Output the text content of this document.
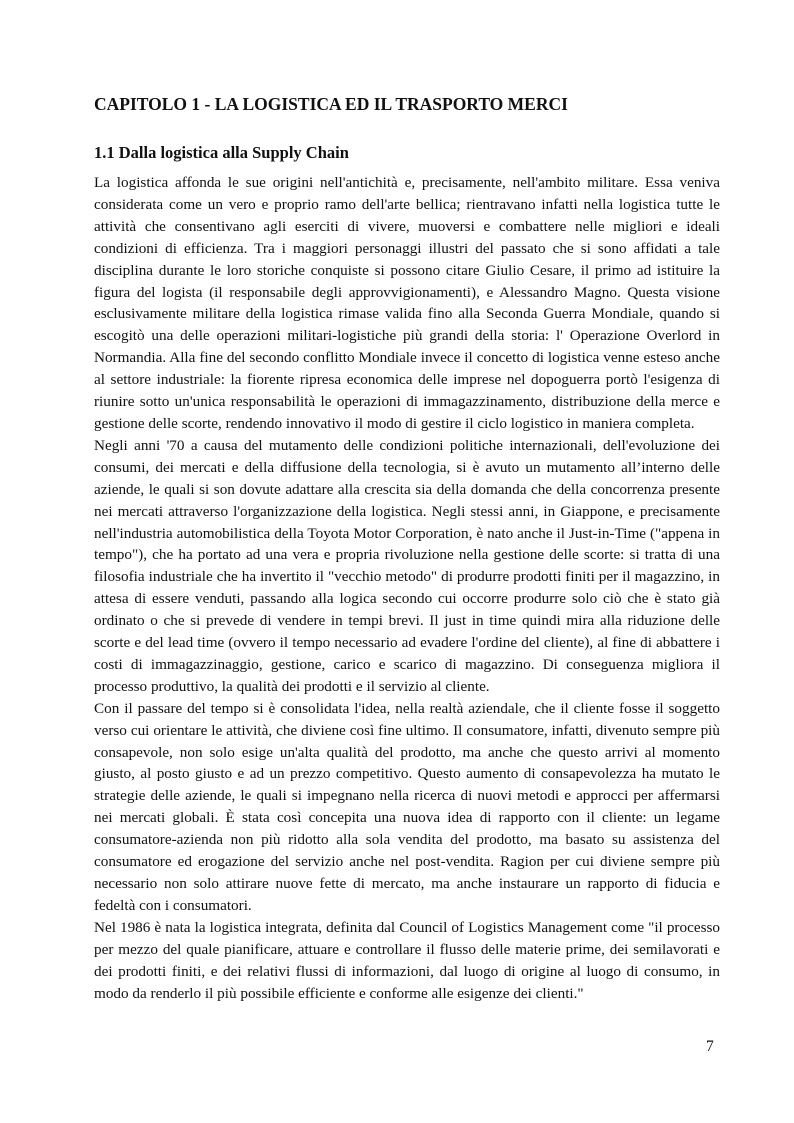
CAPITOLO 1 - LA LOGISTICA ED IL TRASPORTO MERCI
1.1 Dalla logistica alla Supply Chain

La logistica affonda le sue origini nell'antichità e, precisamente, nell'ambito militare. Essa veniva considerata come un vero e proprio ramo dell'arte bellica; rientravano infatti nella logistica tutte le attività che consentivano agli eserciti di vivere, muoversi e combattere nelle migliori e ideali condizioni di efficienza. Tra i maggiori personaggi illustri del passato che si sono affidati a tale disciplina durante le loro storiche conquiste si possono citare Giulio Cesare, il primo ad istituire la figura del logista (il responsabile degli approvvigionamenti), e Alessandro Magno. Questa visione esclusivamente militare della logistica rimase valida fino alla Seconda Guerra Mondiale, quando si escogitò una delle operazioni militari-logistiche più grandi della storia: l' Operazione Overlord in Normandia. Alla fine del secondo conflitto Mondiale invece il concetto di logistica venne esteso anche al settore industriale: la fiorente ripresa economica delle imprese nel dopoguerra portò l'esigenza di riunire sotto un'unica responsabilità le operazioni di immagazzinamento, distribuzione della merce e gestione delle scorte, rendendo innovativo il modo di gestire il ciclo logistico in maniera completa.

Negli anni '70 a causa del mutamento delle condizioni politiche internazionali, dell'evoluzione dei consumi, dei mercati e della diffusione della tecnologia, si è avuto un mutamento all’interno delle aziende, le quali si son dovute adattare alla crescita sia della domanda che della concorrenza presente nei mercati attraverso l'organizzazione della logistica. Negli stessi anni, in Giappone, e precisamente nell'industria automobilistica della Toyota Motor Corporation, è nato anche il Just-in-Time ("appena in tempo"), che ha portato ad una vera e propria rivoluzione nella gestione delle scorte: si tratta di una filosofia industriale che ha invertito il "vecchio metodo" di produrre prodotti finiti per il magazzino, in attesa di essere venduti, passando alla logica secondo cui occorre produrre solo ciò che è stato già ordinato o che si prevede di vendere in tempi brevi. Il just in time quindi mira alla riduzione delle scorte e del lead time (ovvero il tempo necessario ad evadere l'ordine del cliente), al fine di abbattere i costi di immagazzinaggio, gestione, carico e scarico di magazzino. Di conseguenza migliora il processo produttivo, la qualità dei prodotti e il servizio al cliente.

Con il passare del tempo si è consolidata l'idea, nella realtà aziendale, che il cliente fosse il soggetto verso cui orientare le attività, che diviene così fine ultimo. Il consumatore, infatti, divenuto sempre più consapevole, non solo esige un'alta qualità del prodotto, ma anche che questo arrivi al momento giusto, al posto giusto e ad un prezzo competitivo. Questo aumento di consapevolezza ha mutato le strategie delle aziende, le quali si impegnano nella ricerca di nuovi metodi e approcci per affermarsi nei mercati globali. È stata così concepita una nuova idea di rapporto con il cliente: un legame consumatore-azienda non più ridotto alla sola vendita del prodotto, ma basato su assistenza del consumatore ed erogazione del servizio anche nel post-vendita. Ragion per cui diviene sempre più necessario non solo attirare nuove fette di mercato, ma anche instaurare un rapporto di fiducia e fedeltà con i consumatori.

Nel 1986 è nata la logistica integrata, definita dal Council of Logistics Management come "il processo per mezzo del quale pianificare, attuare e controllare il flusso delle materie prime, dei semilavorati e dei prodotti finiti, e dei relativi flussi di informazioni, dal luogo di origine al luogo di consumo, in modo da renderlo il più possibile efficiente e conforme alle esigenze dei clienti."

7
